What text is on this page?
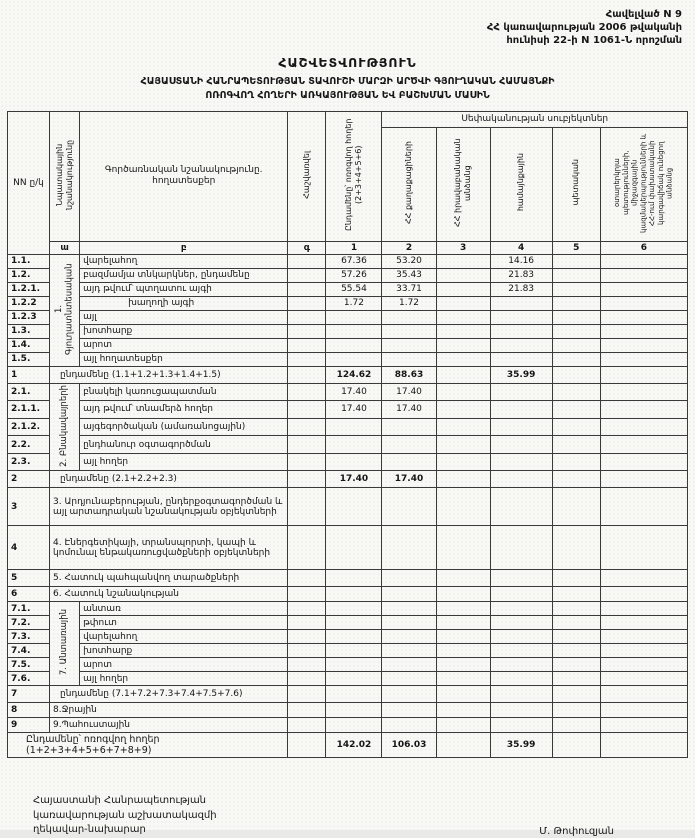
Հավելված N 9
ՀՀ կառավարության 2006 թվականի
հունիսի 22-ի N 1061-Ն որոշման
ՀԱՇՎԵՏՎՈՒԹՅՈՒՆ
ՀԱՅԱՍՏԱՆԻ ՀԱՆՐԱՊԵՏՈՒԹՅԱՆ ՏԱՎՈՒՇԻ ՄԱՐԶԻ ԱՐԾՎԻ ԳՅՈՒՂԱԿԱՆ ՀԱՄԱՅՆՔԻ
ՈՌՈԳՎՈՂ ՀՈՂԵՐԻ ԱՌԿԱՅՈՒԹՅԱՆ ԵՎ ԲԱՇԽՄԱՆ ՄԱՍԻՆ
NN ը/կ	Նպատակային նշանակությունը	Գործառնական նշանակությունը. հողատեսքեր	Հաշվառվել	Ընդամենը՝ ոռոգվող հողեր (2+3+4+5+6)	Սեփականության սուբյեկտներ				
					ՀՀ քաղաքացիների	ՀՀ իրավաբանական անձանց	համայնքային	պետական	օտարերկրյա պետությունների, միջազգային կազմակերպությունների և ՀՀ-ում փախստականի կարգավիճակ ունեցող անձանց
	ա	բ	գ	1	2	3	4	5	6
1.1.	1. Գյուղատնտեսական	վարելահող		67.36	53.20		14.16		
1.2.		բազմամյա տնկարկներ, ընդամենը		57.26	35.43		21.83		
1.2.1.		այդ թվում՝ պտղատու այգի		55.54	33.71		21.83		
1.2.2		խաղողի այգի		1.72	1.72				
1.2.3		այլ							
1.3.		խոտհարք							
1.4.		արոտ							
1.5.		այլ հողատեսքեր							
1	ընդամենը (1.1+1.2+1.3+1.4+1.5)			124.62	88.63		35.99		
2.1.	2. Բնակավայրերի	բնակելի կառուցապատման		17.40	17.40				
2.1.1.		այդ թվում՝ տնամերձ հողեր		17.40	17.40				
2.1.2.		այգեգործական (ամառանոցային)							
2.2.		ընդհանուր օգտագործման							
2.3.		այլ հողեր							
2	ընդամենը (2.1+2.2+2.3)			17.40	17.40				
3	3. Արդյունաբերության, ընդերքօգտագործման և այլ արտադրական նշանակության օբյեկտների								
4	4. Էներգետիկայի, տրանսպորտի, կապի և կոմունալ ենթակառուցվածքների օբյեկտների								
5	5. Հատուկ պահպանվող տարածքների								
6	6. Հատուկ նշանակության								
7.1.	7. Անտառային	անտառ							
7.2.		թփուտ							
7.3.		վարելահող							
7.4.		խոտհարք							
7.5.		արոտ							
7.6.		այլ հողեր							
7	ընդամենը (7.1+7.2+7.3+7.4+7.5+7.6)								
8	8.Ջրային								
9	9.Պահուստային								
Ընդամենը՝ ոռոգվող հողեր (1+2+3+4+5+6+7+8+9)				142.02	106.03		35.99		
Հայաստանի Հանրապետության
կառավարության աշխատակազմի
ղեկավար-նախարար	Մ. Թոփուզյան
